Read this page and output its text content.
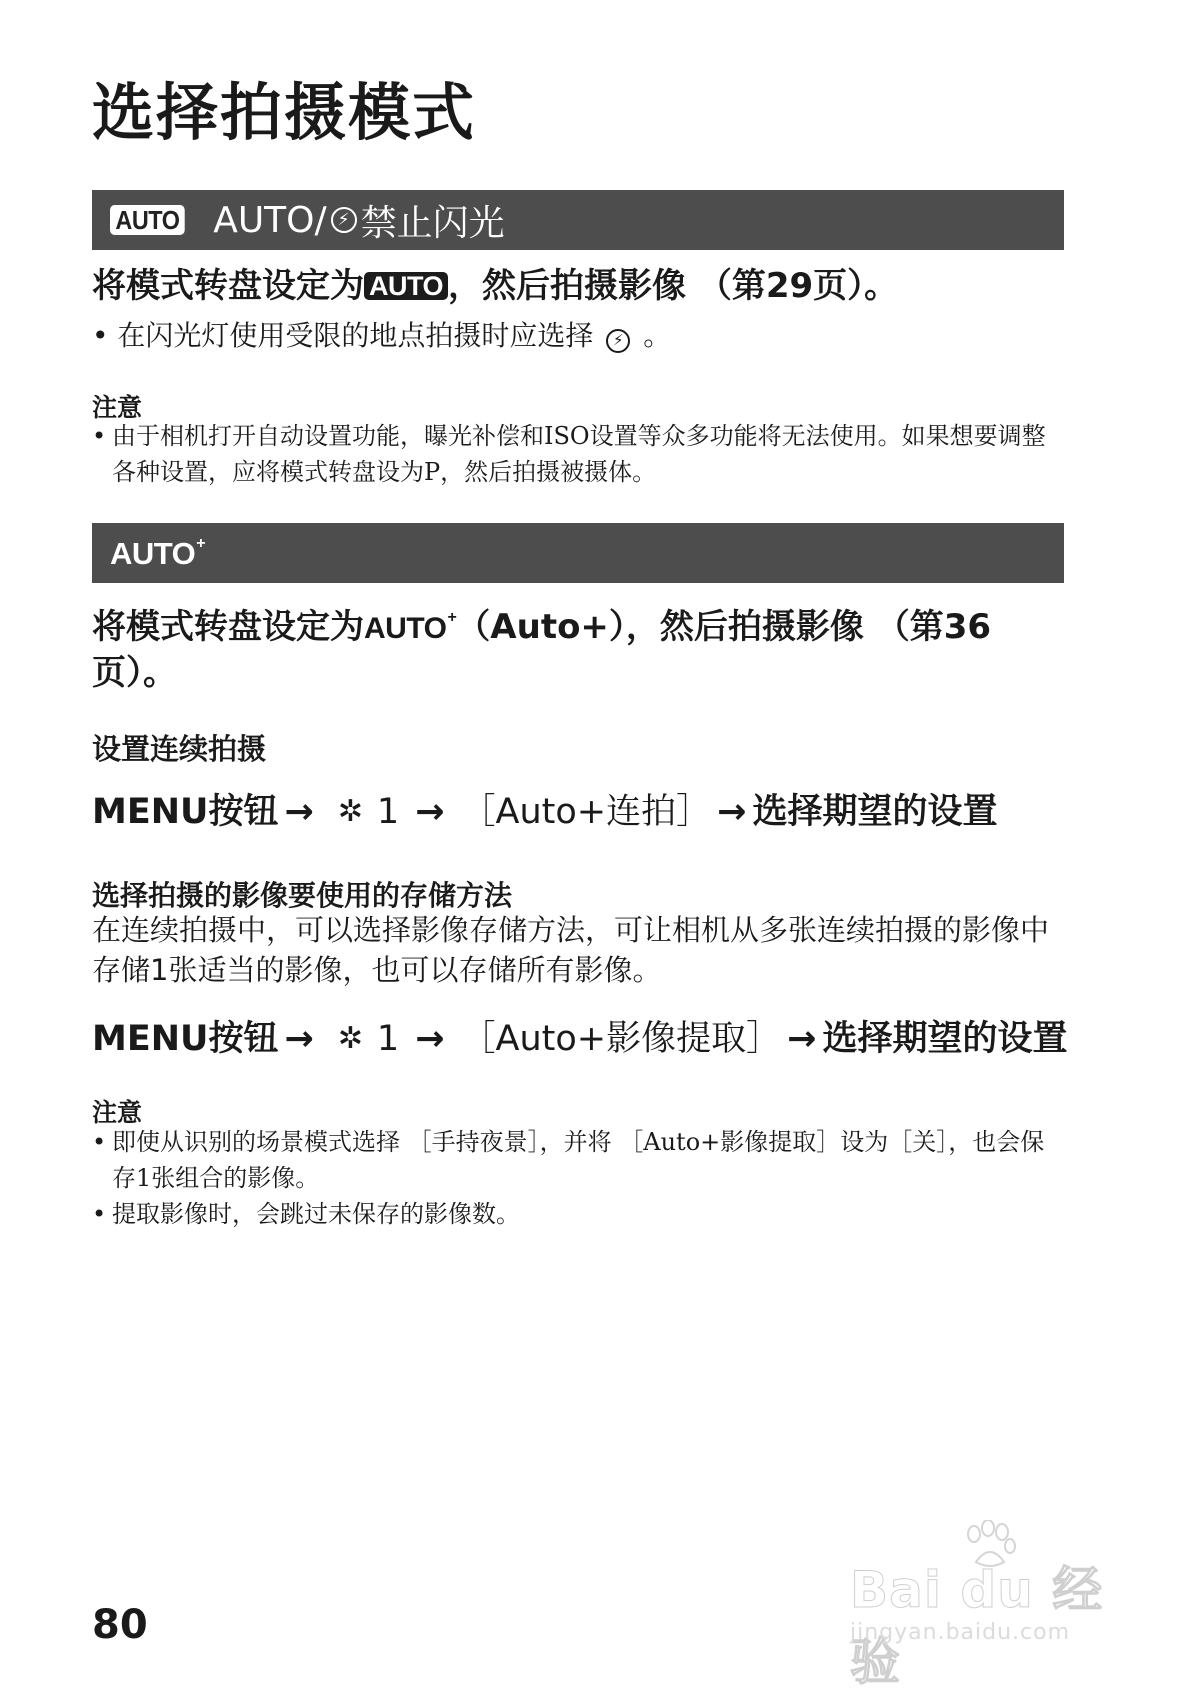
选择拍摄模式
AUTO AUTO/ ⚡ 禁止闪光
将模式转盘设定为 AUTO ，然后拍摄影像 （第29页）。
• 在闪光灯使用受限的地点拍摄时应选择 ⚡ 。
注意
• 由于相机打开自动设置功能，曝光补偿和ISO设置等众多功能将无法使用。如果想要调整各种设置，应将模式转盘设为P，然后拍摄被摄体。
AUTO+
将模式转盘设定为AUTO+（Auto+），然后拍摄影像 （第36页）。
设置连续拍摄
MENU按钮 → ✲ 1 → ［Auto+连拍］ → 选择期望的设置
选择拍摄的影像要使用的存储方法
在连续拍摄中，可以选择影像存储方法，可让相机从多张连续拍摄的影像中存储1张适当的影像，也可以存储所有影像。
MENU按钮 → ✲ 1 → ［Auto+影像提取］ → 选择期望的设置
注意
• 即使从识别的场景模式选择 ［手持夜景］，并将 ［Auto+影像提取］设为［关］，也会保存1张组合的影像。
• 提取影像时，会跳过未保存的影像数。
80
Bai du 经验
jingyan.baidu.com
